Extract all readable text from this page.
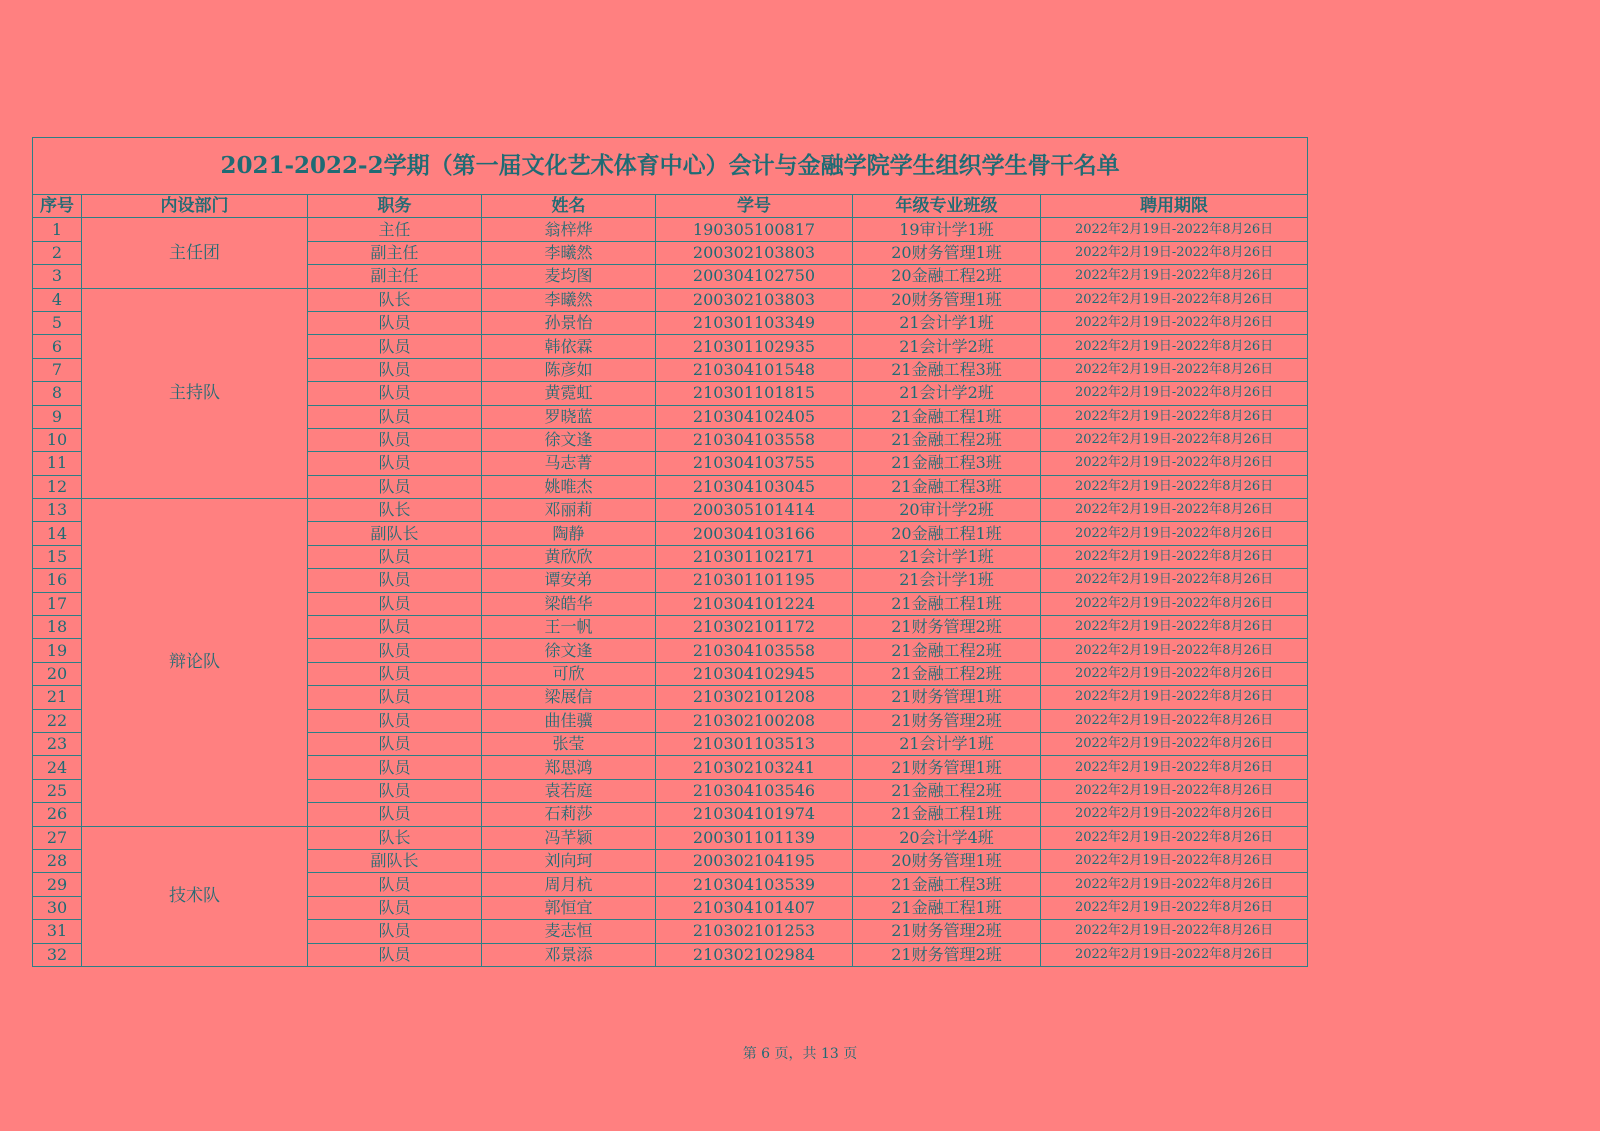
2021-2022-2学期（第一届文化艺术体育中心）会计与金融学院学生组织学生骨干名单						
序号	内设部门	职务	姓名	学号	年级专业班级	聘用期限
1	主任团	主任	翁梓烨	190305100817	19审计学1班	2022年2月19日-2022年8月26日
2		副主任	李曦然	200302103803	20财务管理1班	2022年2月19日-2022年8月26日
3		副主任	麦均图	200304102750	20金融工程2班	2022年2月19日-2022年8月26日
4	主持队	队长	李曦然	200302103803	20财务管理1班	2022年2月19日-2022年8月26日
5		队员	孙景怡	210301103349	21会计学1班	2022年2月19日-2022年8月26日
6		队员	韩依霖	210301102935	21会计学2班	2022年2月19日-2022年8月26日
7		队员	陈彦如	210304101548	21金融工程3班	2022年2月19日-2022年8月26日
8		队员	黄霓虹	210301101815	21会计学2班	2022年2月19日-2022年8月26日
9		队员	罗晓蓝	210304102405	21金融工程1班	2022年2月19日-2022年8月26日
10		队员	徐文逢	210304103558	21金融工程2班	2022年2月19日-2022年8月26日
11		队员	马志菁	210304103755	21金融工程3班	2022年2月19日-2022年8月26日
12		队员	姚唯杰	210304103045	21金融工程3班	2022年2月19日-2022年8月26日
13	辩论队	队长	邓丽莉	200305101414	20审计学2班	2022年2月19日-2022年8月26日
14		副队长	陶静	200304103166	20金融工程1班	2022年2月19日-2022年8月26日
15		队员	黄欣欣	210301102171	21会计学1班	2022年2月19日-2022年8月26日
16		队员	谭安弟	210301101195	21会计学1班	2022年2月19日-2022年8月26日
17		队员	梁皓华	210304101224	21金融工程1班	2022年2月19日-2022年8月26日
18		队员	王一帆	210302101172	21财务管理2班	2022年2月19日-2022年8月26日
19		队员	徐文逢	210304103558	21金融工程2班	2022年2月19日-2022年8月26日
20		队员	可欣	210304102945	21金融工程2班	2022年2月19日-2022年8月26日
21		队员	梁展信	210302101208	21财务管理1班	2022年2月19日-2022年8月26日
22		队员	曲佳骥	210302100208	21财务管理2班	2022年2月19日-2022年8月26日
23		队员	张莹	210301103513	21会计学1班	2022年2月19日-2022年8月26日
24		队员	郑思鸿	210302103241	21财务管理1班	2022年2月19日-2022年8月26日
25		队员	袁若庭	210304103546	21金融工程2班	2022年2月19日-2022年8月26日
26		队员	石莉莎	210304101974	21金融工程1班	2022年2月19日-2022年8月26日
27	技术队	队长	冯芊颍	200301101139	20会计学4班	2022年2月19日-2022年8月26日
28		副队长	刘向珂	200302104195	20财务管理1班	2022年2月19日-2022年8月26日
29		队员	周月杭	210304103539	21金融工程3班	2022年2月19日-2022年8月26日
30		队员	郭恒宜	210304101407	21金融工程1班	2022年2月19日-2022年8月26日
31		队员	麦志恒	210302101253	21财务管理2班	2022年2月19日-2022年8月26日
32		队员	邓景添	210302102984	21财务管理2班	2022年2月19日-2022年8月26日
第 6 页，共 13 页
